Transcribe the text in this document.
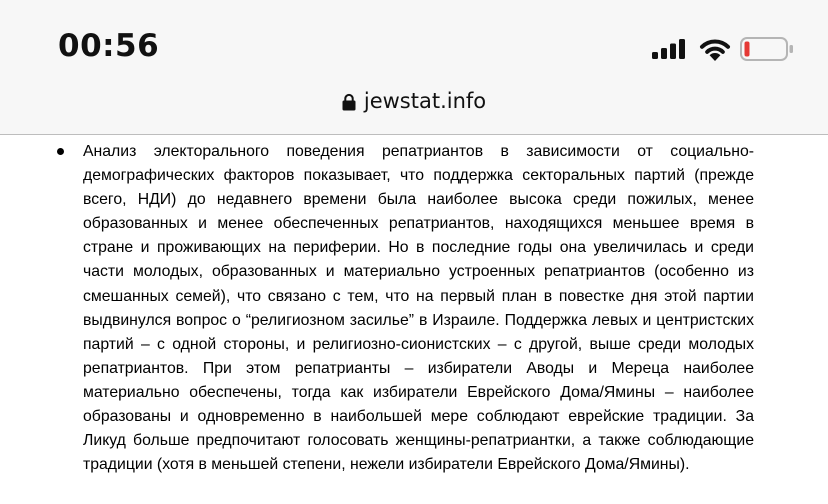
00:56
jewstat.info

Анализ электорального поведения репатриантов в зависимости от социально-демографических факторов показывает, что поддержка секторальных партий (прежде всего, НДИ) до недавнего времени была наиболее высока среди пожилых, менее образованных и менее обеспеченных репатриантов, находящихся меньшее время в стране и проживающих на периферии. Но в последние годы она увеличилась и среди части молодых, образованных и материально устроенных репатриантов (особенно из смешанных семей), что связано с тем, что на первый план в повестке дня этой партии выдвинулся вопрос о “религиозном засилье” в Израиле. Поддержка левых и центристских партий – с одной стороны, и религиозно-сионистских – с другой, выше среди молодых репатриантов. При этом репатрианты – избиратели Аводы и Мереца наиболее материально обеспечены, тогда как избиратели Еврейского Дома/Ямины – наиболее образованы и одновременно в наибольшей мере соблюдают еврейские традиции. За Ликуд больше предпочитают голосовать женщины-репатриантки, а также соблюдающие традиции (хотя в меньшей степени, нежели избиратели Еврейского Дома/Ямины).
